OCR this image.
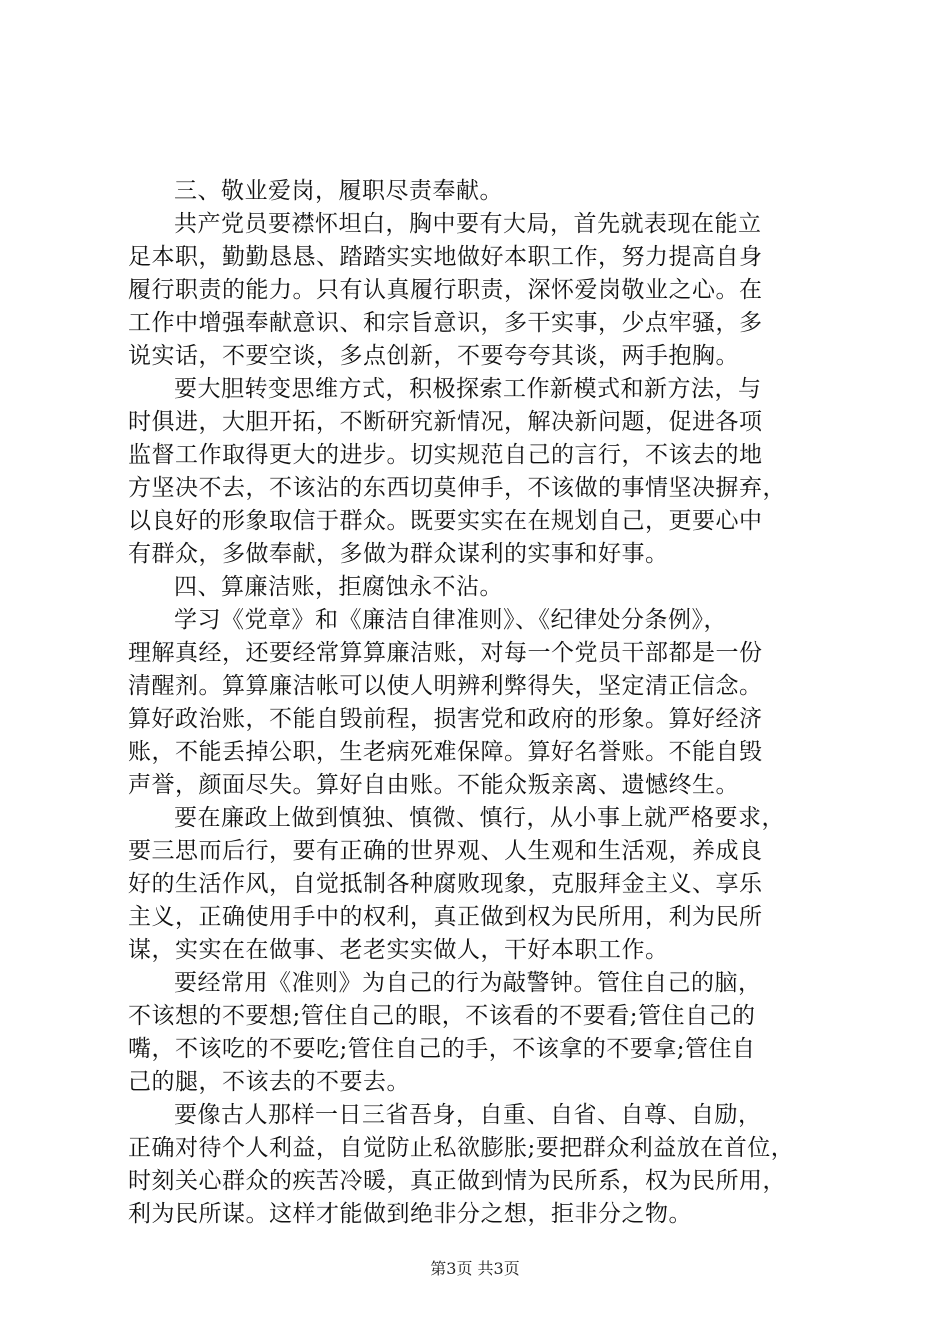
三、敬业爱岗，履职尽责奉献。
共产党员要襟怀坦白，胸中要有大局，首先就表现在能立
足本职，勤勤恳恳、踏踏实实地做好本职工作，努力提高自身
履行职责的能力。只有认真履行职责，深怀爱岗敬业之心。在
工作中增强奉献意识、和宗旨意识，多干实事，少点牢骚，多
说实话，不要空谈，多点创新，不要夸夸其谈，两手抱胸。
要大胆转变思维方式，积极探索工作新模式和新方法，与
时俱进，大胆开拓，不断研究新情况，解决新问题，促进各项
监督工作取得更大的进步。切实规范自己的言行，不该去的地
方坚决不去，不该沾的东西切莫伸手，不该做的事情坚决摒弃，
以良好的形象取信于群众。既要实实在在规划自己，更要心中
有群众，多做奉献，多做为群众谋利的实事和好事。
四、算廉洁账，拒腐蚀永不沾。
学习《党章》和《廉洁自律准则》、《纪律处分条例》，
理解真经，还要经常算算廉洁账，对每一个党员干部都是一份
清醒剂。算算廉洁帐可以使人明辨利弊得失，坚定清正信念。
算好政治账，不能自毁前程，损害党和政府的形象。算好经济
账，不能丢掉公职，生老病死难保障。算好名誉账。不能自毁
声誉，颜面尽失。算好自由账。不能众叛亲离、遗憾终生。
要在廉政上做到慎独、慎微、慎行，从小事上就严格要求，
要三思而后行，要有正确的世界观、人生观和生活观，养成良
好的生活作风，自觉抵制各种腐败现象，克服拜金主义、享乐
主义，正确使用手中的权利，真正做到权为民所用，利为民所
谋，实实在在做事、老老实实做人，干好本职工作。
要经常用《准则》为自己的行为敲警钟。管住自己的脑，
不该想的不要想;管住自己的眼，不该看的不要看;管住自己的
嘴，不该吃的不要吃;管住自己的手，不该拿的不要拿;管住自
己的腿，不该去的不要去。
要像古人那样一日三省吾身，自重、自省、自尊、自励，
正确对待个人利益，自觉防止私欲膨胀;要把群众利益放在首位，
时刻关心群众的疾苦冷暖，真正做到情为民所系，权为民所用，
利为民所谋。这样才能做到绝非分之想，拒非分之物。
第3页 共3页
